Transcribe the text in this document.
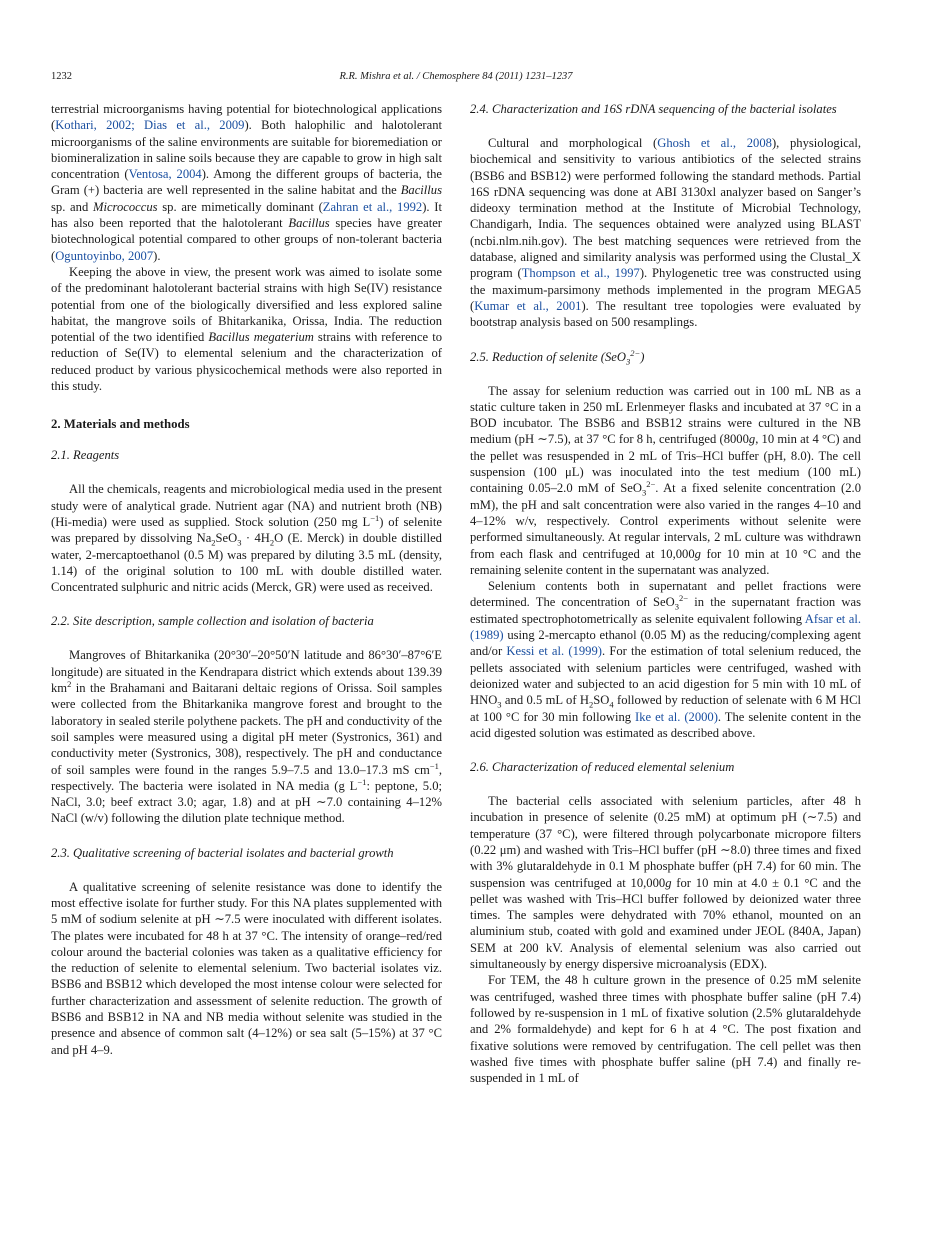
1232	R.R. Mishra et al. / Chemosphere 84 (2011) 1231–1237

terrestrial microorganisms having potential for biotechnological applications (Kothari, 2002; Dias et al., 2009). Both halophilic and halotolerant microorganisms of the saline environments are suitable for bioremediation or biomineralization in saline soils because they are capable to grow in high salt concentration (Ventosa, 2004). Among the different groups of bacteria, the Gram (+) bacteria are well represented in the saline habitat and the Bacillus sp. and Micrococcus sp. are mimetically dominant (Zahran et al., 1992). It has also been reported that the halotolerant Bacillus species have greater biotechnological potential compared to other groups of non-tolerant bacteria (Oguntoyinbo, 2007).

Keeping the above in view, the present work was aimed to isolate some of the predominant halotolerant bacterial strains with high Se(IV) resistance potential from one of the biologically diversified and less explored saline habitat, the mangrove soils of Bhitarkanika, Orissa, India. The reduction potential of the two identified Bacillus megaterium strains with reference to reduction of Se(IV) to elemental selenium and the characterization of reduced product by various physicochemical methods were also reported in this study.

2. Materials and methods
2.1. Reagents

All the chemicals, reagents and microbiological media used in the present study were of analytical grade. Nutrient agar (NA) and nutrient broth (NB) (Hi-media) were used as supplied. Stock solution (250 mg $L^{-1}$) of selenite was prepared by dissolving $Na_2SeO_3 \cdot 4H_2O$ (E. Merck) in double distilled water, 2-mercaptoethanol (0.5 M) was prepared by diluting 3.5 mL (density, 1.14) of the original solution to 100 mL with double distilled water. Concentrated sulphuric and nitric acids (Merck, GR) were used as received.

2.2. Site description, sample collection and isolation of bacteria

Mangroves of Bhitarkanika (20°30′–20°50′N latitude and 86°30′–87°6′E longitude) are situated in the Kendrapara district which extends about 139.39 $km^2$ in the Brahamani and Baitarani deltaic regions of Orissa. Soil samples were collected from the Bhitarkanika mangrove forest and brought to the laboratory in sealed sterile polythene packets. The pH and conductivity of the soil samples were measured using a digital pH meter (Systronics, 361) and conductivity meter (Systronics, 308), respectively. The pH and conductance of soil samples were found in the ranges 5.9–7.5 and 13.0–17.3 mS $cm^{-1}$, respectively. The bacteria were isolated in NA media (g $L^{-1}$: peptone, 5.0; NaCl, 3.0; beef extract 3.0; agar, 1.8) and at pH ∼7.0 containing 4–12% NaCl (w/v) following the dilution plate technique method.

2.3. Qualitative screening of bacterial isolates and bacterial growth

A qualitative screening of selenite resistance was done to identify the most effective isolate for further study. For this NA plates supplemented with 5 mM of sodium selenite at pH ∼7.5 were inoculated with different isolates. The plates were incubated for 48 h at 37 °C. The intensity of orange–red/red colour around the bacterial colonies was taken as a qualitative efficiency for the reduction of selenite to elemental selenium. Two bacterial isolates viz. BSB6 and BSB12 which developed the most intense colour were selected for further characterization and assessment of selenite reduction. The growth of BSB6 and BSB12 in NA and NB media without selenite was studied in the presence and absence of common salt (4–12%) or sea salt (5–15%) at 37 °C and pH 4–9.

2.4. Characterization and 16S rDNA sequencing of the bacterial isolates

Cultural and morphological (Ghosh et al., 2008), physiological, biochemical and sensitivity to various antibiotics of the selected strains (BSB6 and BSB12) were performed following the standard methods. Partial 16S rDNA sequencing was done at ABI 3130xl analyzer based on Sanger’s dideoxy termination method at the Institute of Microbial Technology, Chandigarh, India. The sequences obtained were analyzed using BLAST (ncbi.nlm.nih.gov). The best matching sequences were retrieved from the database, aligned and similarity analysis was performed using the Clustal_X program (Thompson et al., 1997). Phylogenetic tree was constructed using the maximum-parsimony methods implemented in the program MEGA5 (Kumar et al., 2001). The resultant tree topologies were evaluated by bootstrap analysis based on 500 resamplings.

2.5. Reduction of selenite (SeO$_3^{2-}$)

The assay for selenium reduction was carried out in 100 mL NB as a static culture taken in 250 mL Erlenmeyer flasks and incubated at 37 °C in a BOD incubator. The BSB6 and BSB12 strains were cultured in the NB medium (pH ∼7.5), at 37 °C for 8 h, centrifuged (8000g, 10 min at 4 °C) and the pellet was resuspended in 2 mL of Tris–HCl buffer (pH, 8.0). The cell suspension (100 μL) was inoculated into the test medium (100 mL) containing 0.05–2.0 mM of SeO$_3^{2-}$. At a fixed selenite concentration (2.0 mM), the pH and salt concentration were also varied in the ranges 4–10 and 4–12% w/v, respectively. Control experiments without selenite were performed simultaneously. At regular intervals, 2 mL culture was withdrawn from each flask and centrifuged at 10,000g for 10 min at 10 °C and the remaining selenite content in the supernatant was analyzed.

Selenium contents both in supernatant and pellet fractions were determined. The concentration of SeO$_3^{2-}$ in the supernatant fraction was estimated spectrophotometrically as selenite equivalent following Afsar et al. (1989) using 2-mercapto ethanol (0.05 M) as the reducing/complexing agent and/or Kessi et al. (1999). For the estimation of total selenium reduced, the pellets associated with selenium particles were centrifuged, washed with deionized water and subjected to an acid digestion for 5 min with 10 mL of $HNO_3$ and 0.5 mL of $H_2SO_4$ followed by reduction of selenate with 6 M HCl at 100 °C for 30 min following Ike et al. (2000). The selenite content in the acid digested solution was estimated as described above.

2.6. Characterization of reduced elemental selenium

The bacterial cells associated with selenium particles, after 48 h incubation in presence of selenite (0.25 mM) at optimum pH (∼7.5) and temperature (37 °C), were filtered through polycarbonate micropore filters (0.22 μm) and washed with Tris–HCl buffer (pH ∼8.0) three times and fixed with 3% glutaraldehyde in 0.1 M phosphate buffer (pH 7.4) for 60 min. The suspension was centrifuged at 10,000g for 10 min at 4.0 ± 0.1 °C and the pellet was washed with Tris–HCl buffer followed by deionized water three times. The samples were dehydrated with 70% ethanol, mounted on an aluminium stub, coated with gold and examined under JEOL (840A, Japan) SEM at 200 kV. Analysis of elemental selenium was also carried out simultaneously by energy dispersive microanalysis (EDX).

For TEM, the 48 h culture grown in the presence of 0.25 mM selenite was centrifuged, washed three times with phosphate buffer saline (pH 7.4) followed by re-suspension in 1 mL of fixative solution (2.5% glutaraldehyde and 2% formaldehyde) and kept for 6 h at 4 °C. The post fixation and fixative solutions were removed by centrifugation. The cell pellet was then washed five times with phosphate buffer saline (pH 7.4) and finally re-suspended in 1 mL of
